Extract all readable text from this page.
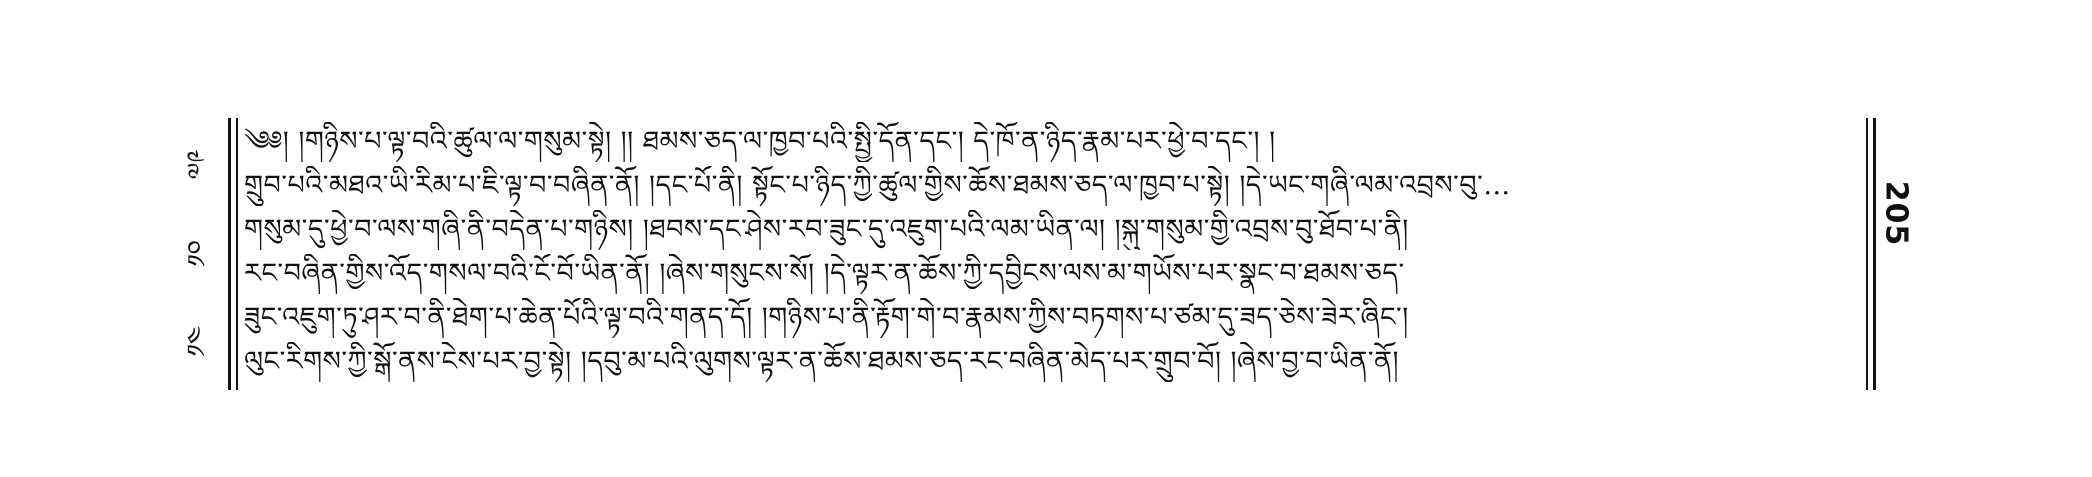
༧༩
༡༠
༡༤
205
༄༅། །གཉིས་པ་ལྟ་བའི་ཚུལ་ལ་གསུམ་སྟེ། །། ཐམས་ཅད་ལ་ཁྱབ་པའི་སྤྱི་དོན་དང༌། དེ་ཁོ་ན་ཉིད་རྣམ་པར་ཕྱེ་བ་དང༌། །
གྲུབ་པའི་མཐའ་ཡི་རིམ་པ་ཇི་ལྟ་བ་བཞིན་ནོ། །དང་པོ་ནི། སྟོང་པ་ཉིད་ཀྱི་ཚུལ་གྱིས་ཆོས་ཐམས་ཅད་ལ་ཁྱབ་པ་སྟེ། །དེ་ཡང་གཞི་ལམ་འབྲས་བུ་…
གསུམ་དུ་ཕྱེ་བ་ལས་གཞི་ནི་བདེན་པ་གཉིས། །ཐབས་དང་ཤེས་རབ་ཟུང་དུ་འཇུག་པའི་ལམ་ཡིན་ལ། །སྐུ་གསུམ་གྱི་འབྲས་བུ་ཐོབ་པ་ནི།
རང་བཞིན་གྱིས་འོད་གསལ་བའི་ངོ་བོ་ཡིན་ནོ། །ཞེས་གསུངས་སོ། །དེ་ལྟར་ན་ཆོས་ཀྱི་དབྱིངས་ལས་མ་གཡོས་པར་སྣང་བ་ཐམས་ཅད་
ཟུང་འཇུག་ཏུ་ཤར་བ་ནི་ཐེག་པ་ཆེན་པོའི་ལྟ་བའི་གནད་དོ། །གཉིས་པ་ནི་རྟོག་གེ་བ་རྣམས་ཀྱིས་བཏགས་པ་ཙམ་དུ་ཟད་ཅེས་ཟེར་ཞིང༌།
ལུང་རིགས་ཀྱི་སྒོ་ནས་ངེས་པར་བྱ་སྟེ། །དབུ་མ་པའི་ལུགས་ལྟར་ན་ཆོས་ཐམས་ཅད་རང་བཞིན་མེད་པར་གྲུབ་བོ། །ཞེས་བྱ་བ་ཡིན་ནོ།
